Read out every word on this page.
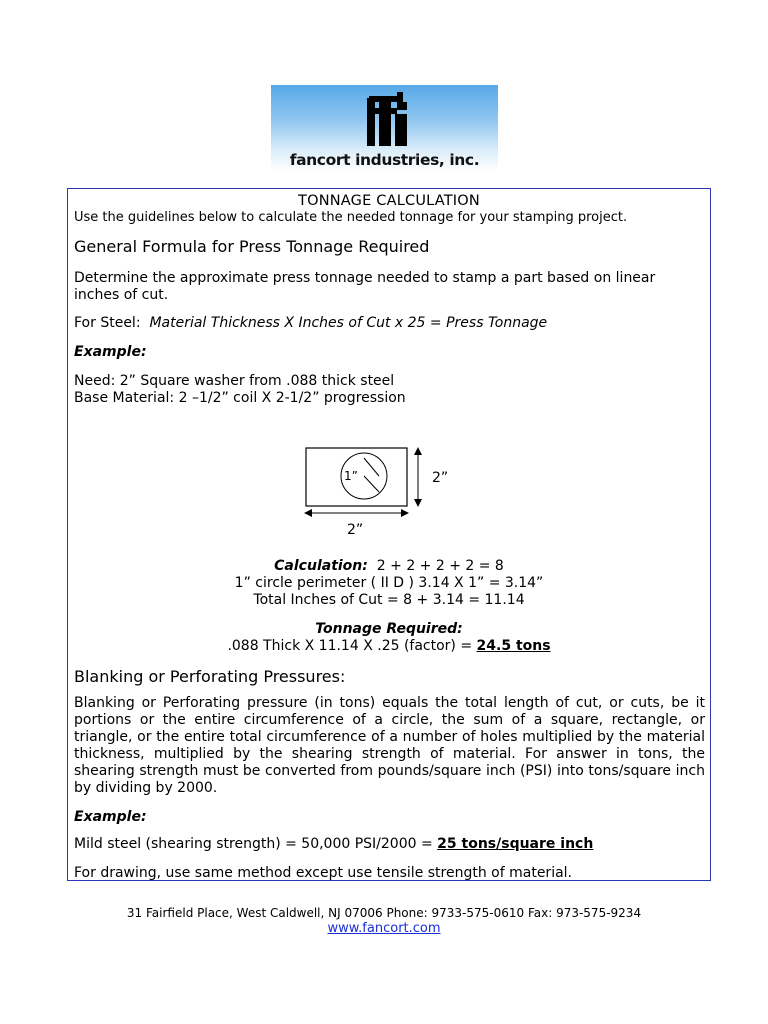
fancort industries, inc.
TONNAGE CALCULATION
Use the guidelines below to calculate the needed tonnage for your stamping project.
General Formula for Press Tonnage Required
Determine the approximate press tonnage needed to stamp a part based on linear
inches of cut.
For Steel:  Material Thickness X Inches of Cut x 25 = Press Tonnage
Example:
Need: 2” Square washer from .088 thick steel
Base Material: 2 –1/2” coil X 2-1/2” progression
1”	2”
2”
Calculation:  2 + 2 + 2 + 2 = 8
1” circle perimeter ( II D ) 3.14 X 1” = 3.14”
Total Inches of Cut = 8 + 3.14 = 11.14
Tonnage Required:
.088 Thick X 11.14 X .25 (factor) = 24.5 tons
Blanking or Perforating Pressures:
Blanking or Perforating pressure (in tons) equals the total length of cut, or cuts, be it portions or the entire circumference of a circle, the sum of a square, rectangle, or triangle, or the entire total circumference of a number of holes multiplied by the material thickness, multiplied by the shearing strength of material. For answer in tons, the shearing strength must be converted from pounds/square inch (PSI) into tons/square inch by dividing by 2000.
Example:
Mild steel (shearing strength) = 50,000 PSI/2000 = 25 tons/square inch
For drawing, use same method except use tensile strength of material.
31 Fairfield Place, West Caldwell, NJ 07006 Phone: 9733-575-0610 Fax: 973-575-9234
www.fancort.com
